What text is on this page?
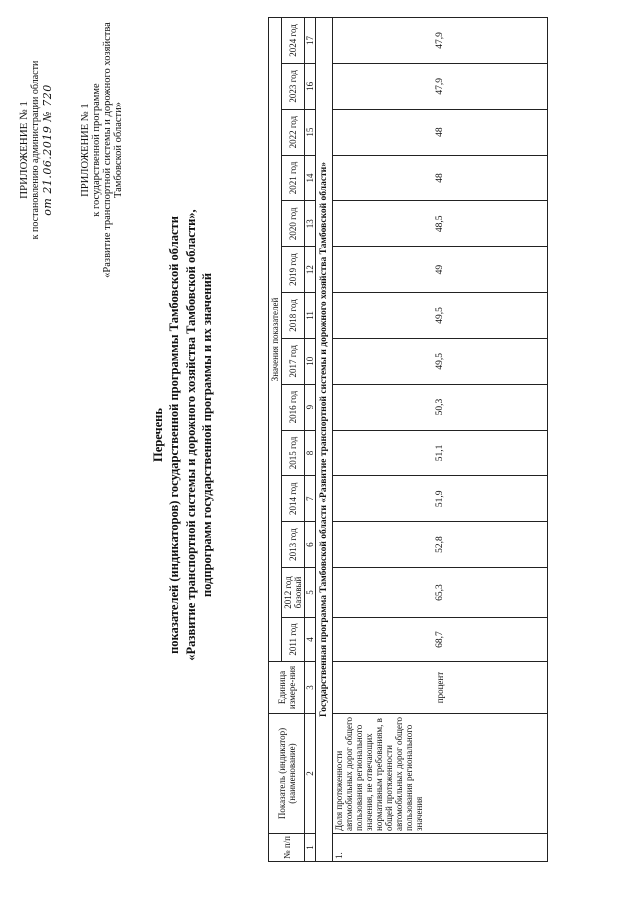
ПРИЛОЖЕНИЕ № 1 к постановлению администрации области от 21.06.2019 № 720 ПРИЛОЖЕНИЕ № 1 к государственной программе «Развитие транспортной системы и дорожного хозяйства Тамбовской области»
Перечень показателей (индикаторов) государственной программы Тамбовской области «Развитие транспортной системы и дорожного хозяйства Тамбовской области», подпрограмм государственной программы и их значений
№ п/п	Показатель (индикатор) (наименование)	Единица измере-ния	Значения показателей													
			2011 год	2012 год базовый	2013 год	2014 год	2015 год	2016 год	2017 год	2018 год	2019 год	2020 год	2021 год	2022 год	2023 год	2024 год
1	2	3	4	5	6	7	8	9	10	11	12	13	14	15	16	17
Государственная программа Тамбовской области «Развитие транспортной системы и дорожного хозяйства Тамбовской области»																
1.	Доля протяженности автомобильных дорог общего пользования регионального значения, не отвечающих нормативным требованиям, в общей протяженности автомобильных дорог общего пользования регионального значения	процент	68,7	65,3	52,8	51,9	51,1	50,3	49,5	49,5	49	48,5	48	48	47,9	47,9
